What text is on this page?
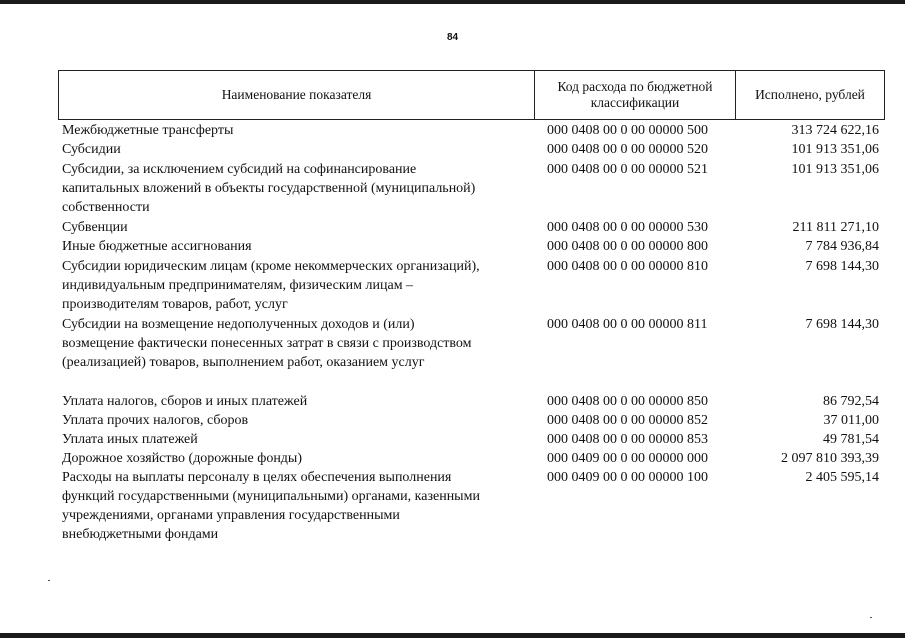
84
Наименование показателя
Код расхода по бюджетной классификации
Исполнено, рублей
Межбюджетные трансферты	000 0408 00 0 00 00000 500	313 724 622,16
Субсидии	000 0408 00 0 00 00000 520	101 913 351,06
Субсидии, за исключением субсидий на софинансирование
капитальных вложений в объекты государственной (муниципальной)
собственности
000 0408 00 0 00 00000 521	101 913 351,06
Субвенции	000 0408 00 0 00 00000 530	211 811 271,10
Иные бюджетные ассигнования	000 0408 00 0 00 00000 800	7 784 936,84
Субсидии юридическим лицам (кроме некоммерческих организаций),
индивидуальным предпринимателям, физическим лицам –
производителям товаров, работ, услуг
000 0408 00 0 00 00000 810	7 698 144,30
Субсидии на возмещение недополученных доходов и (или)
возмещение фактически понесенных затрат в связи с производством
(реализацией) товаров, выполнением работ, оказанием услуг
000 0408 00 0 00 00000 811	7 698 144,30
Уплата налогов, сборов и иных платежей	000 0408 00 0 00 00000 850	86 792,54
Уплата прочих налогов, сборов	000 0408 00 0 00 00000 852	37 011,00
Уплата иных платежей	000 0408 00 0 00 00000 853	49 781,54
Дорожное хозяйство (дорожные фонды)	000 0409 00 0 00 00000 000	2 097 810 393,39
Расходы на выплаты персоналу в целях обеспечения выполнения
функций государственными (муниципальными) органами, казенными
учреждениями, органами управления государственными
внебюджетными фондами
000 0409 00 0 00 00000 100	2 405 595,14
